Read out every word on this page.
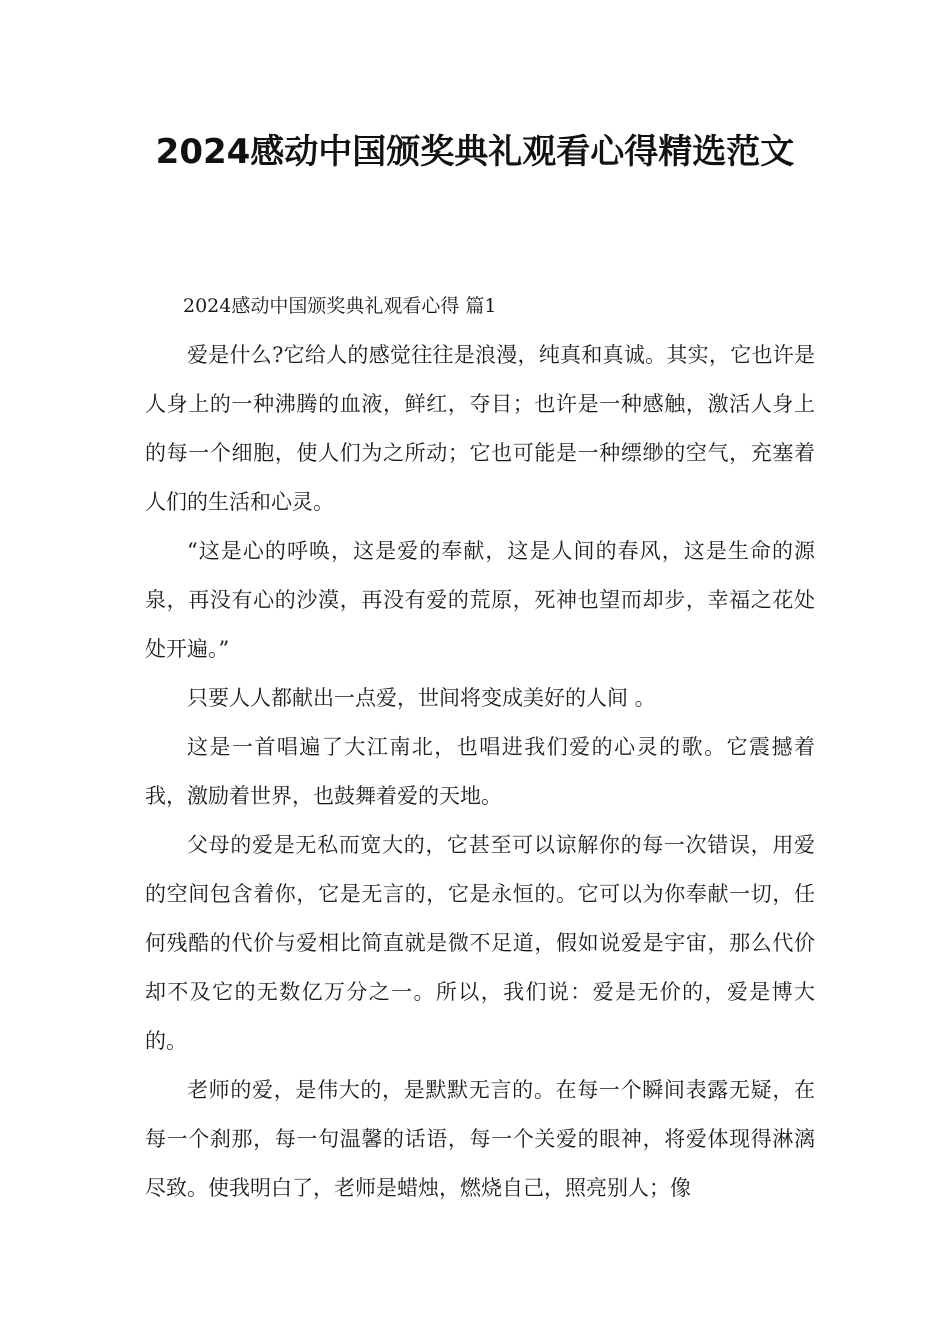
2024感动中国颁奖典礼观看心得精选范文

2024感动中国颁奖典礼观看心得 篇1

爱是什么?它给人的感觉往往是浪漫，纯真和真诚。其实，它也许是人身上的一种沸腾的血液，鲜红，夺目；也许是一种感触，激活人身上的每一个细胞，使人们为之所动；它也可能是一种缥缈的空气，充塞着人们的生活和心灵。

“这是心的呼唤，这是爱的奉献，这是人间的春风，这是生命的源泉，再没有心的沙漠，再没有爱的荒原，死神也望而却步，幸福之花处处开遍。”

只要人人都献出一点爱，世间将变成美好的人间 。

这是一首唱遍了大江南北，也唱进我们爱的心灵的歌。它震撼着我，激励着世界，也鼓舞着爱的天地。

父母的爱是无私而宽大的，它甚至可以谅解你的每一次错误，用爱的空间包含着你，它是无言的，它是永恒的。它可以为你奉献一切，任何残酷的代价与爱相比简直就是微不足道，假如说爱是宇宙，那么代价却不及它的无数亿万分之一。所以，我们说：爱是无价的，爱是博大的。

老师的爱，是伟大的，是默默无言的。在每一个瞬间表露无疑，在每一个刹那，每一句温馨的话语，每一个关爱的眼神，将爱体现得淋漓尽致。使我明白了，老师是蜡烛，燃烧自己，照亮别人；像
